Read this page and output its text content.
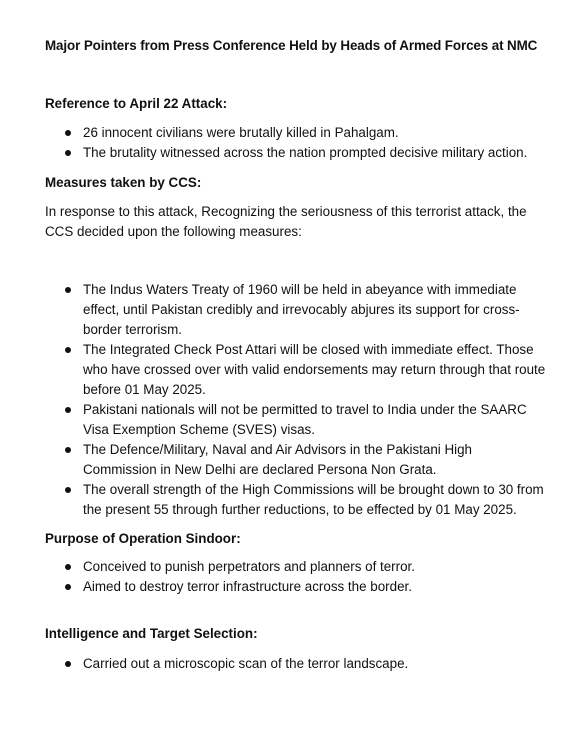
Major Pointers from Press Conference Held by Heads of Armed Forces at NMC

Reference to April 22 Attack:

26 innocent civilians were brutally killed in Pahalgam.
The brutality witnessed across the nation prompted decisive military action.

Measures taken by CCS:

In response to this attack, Recognizing the seriousness of this terrorist attack, the CCS decided upon the following measures:

The Indus Waters Treaty of 1960 will be held in abeyance with immediate effect, until Pakistan credibly and irrevocably abjures its support for cross-border terrorism.
The Integrated Check Post Attari will be closed with immediate effect. Those who have crossed over with valid endorsements may return through that route before 01 May 2025.
Pakistani nationals will not be permitted to travel to India under the SAARC Visa Exemption Scheme (SVES) visas.
The Defence/Military, Naval and Air Advisors in the Pakistani High Commission in New Delhi are declared Persona Non Grata.
The overall strength of the High Commissions will be brought down to 30 from the present 55 through further reductions, to be effected by 01 May 2025.

Purpose of Operation Sindoor:

Conceived to punish perpetrators and planners of terror.
Aimed to destroy terror infrastructure across the border.

Intelligence and Target Selection:

Carried out a microscopic scan of the terror landscape.
